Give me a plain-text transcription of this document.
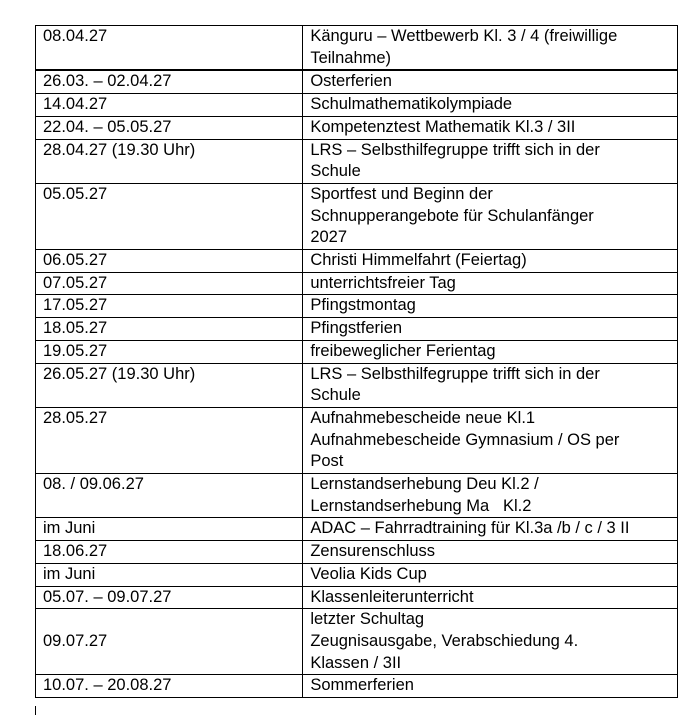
08.04.27	Känguru – Wettbewerb Kl. 3 / 4 (freiwillige
Teilnahme)

26.03. – 02.04.27	Osterferien

14.04.27	Schulmathematikolympiade

22.04. – 05.05.27	Kompetenztest Mathematik Kl.3 / 3II

28.04.27 (19.30 Uhr)	LRS – Selbsthilfegruppe trifft sich in der
Schule

05.05.27	Sportfest und Beginn der
Schnupperangebote für Schulanfänger
2027

06.05.27	Christi Himmelfahrt (Feiertag)

07.05.27	unterrichtsfreier Tag

17.05.27	Pfingstmontag

18.05.27	Pfingstferien

19.05.27	freibeweglicher Ferientag

26.05.27 (19.30 Uhr)	LRS – Selbsthilfegruppe trifft sich in der
Schule

28.05.27	Aufnahmebescheide neue Kl.1
Aufnahmebescheide Gymnasium / OS per
Post

08. / 09.06.27	Lernstandserhebung Deu Kl.2 /
Lernstandserhebung Ma   Kl.2

im Juni	ADAC – Fahrradtraining für Kl.3a /b / c / 3 II

18.06.27	Zensurenschluss

im Juni	Veolia Kids Cup

05.07. – 09.07.27	Klassenleiterunterricht

09.07.27	letzter Schultag
Zeugnisausgabe, Verabschiedung 4.
Klassen / 3II

10.07. – 20.08.27	Sommerferien
